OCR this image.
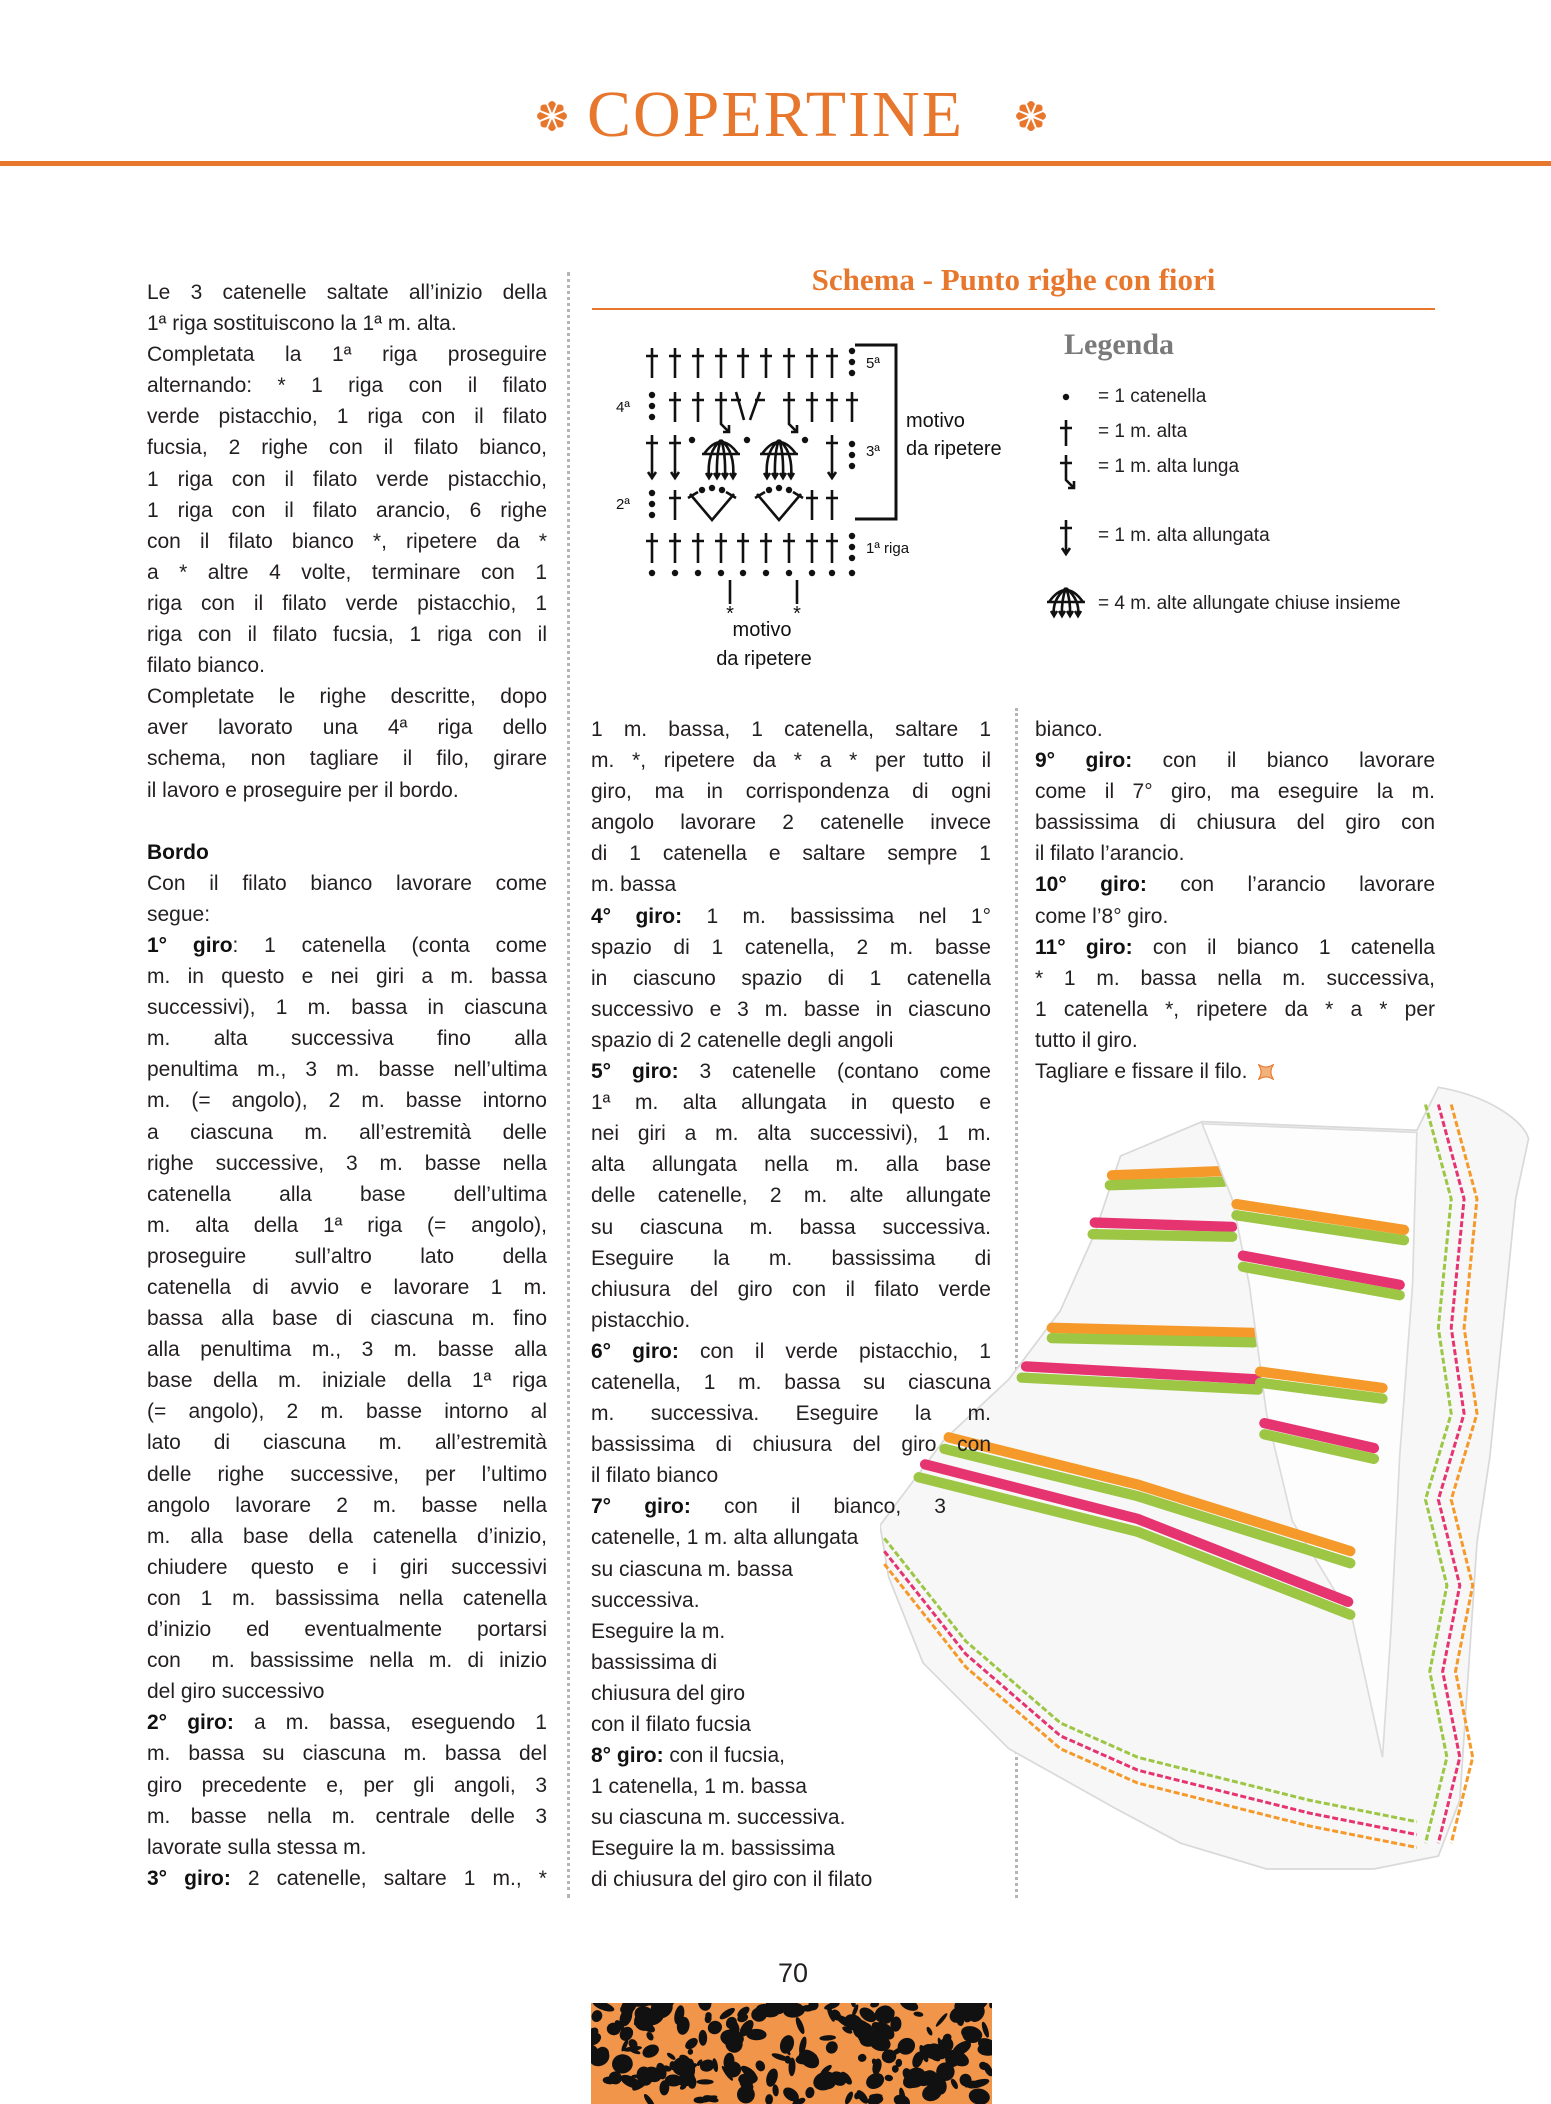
COPERTINE
Schema - Punto righe con fiori
Legenda
= 1 catenella
= 1 m. alta
= 1 m. alta lunga
= 1 m. alta allungata
= 4 m. alte allungate chiuse insieme
*	*
5ª
4ª
3ª
2ª
1ª riga
motivo
da ripetere
motivo
da ripetere
Le 3 catenelle saltate all’inizio della
1ª riga sostituiscono la 1ª m. alta.
Completata la 1ª riga proseguire
alternando: * 1 riga con il filato
verde pistacchio, 1 riga con il filato
fucsia, 2 righe con il filato bianco,
1 riga con il filato verde pistacchio,
1 riga con il filato arancio, 6 righe
con il filato bianco *, ripetere da *
a * altre 4 volte, terminare con 1
riga con il filato verde pistacchio, 1
riga con il filato fucsia, 1 riga con il
filato bianco.
Completate le righe descritte, dopo
aver lavorato una 4ª riga dello
schema, non tagliare il filo, girare
il lavoro e proseguire per il bordo.
Bordo
Con il filato bianco lavorare come
segue:
1° giro: 1 catenella (conta come
m. in questo e nei giri a m. bassa
successivi), 1 m. bassa in ciascuna
m. alta successiva fino alla
penultima m., 3 m. basse nell’ultima
m. (= angolo), 2 m. basse intorno
a ciascuna m. all’estremità delle
righe successive, 3 m. basse nella
catenella alla base dell’ultima
m. alta della 1ª riga (= angolo),
proseguire sull’altro lato della
catenella di avvio e lavorare 1 m.
bassa alla base di ciascuna m. fino
alla penultima m., 3 m. basse alla
base della m. iniziale della 1ª riga
(= angolo), 2 m. basse intorno al
lato di ciascuna m. all’estremità
delle righe successive, per l’ultimo
angolo lavorare 2 m. basse nella
m. alla base della catenella d’inizio,
chiudere questo e i giri successivi
con 1 m. bassissima nella catenella
d’inizio ed eventualmente portarsi
con  m. bassissime nella m. di inizio
del giro successivo
2° giro: a m. bassa, eseguendo 1
m. bassa su ciascuna m. bassa del
giro precedente e, per gli angoli, 3
m. basse nella m. centrale delle 3
lavorate sulla stessa m.
3° giro: 2 catenelle, saltare 1 m., *
1 m. bassa, 1 catenella, saltare 1
m. *, ripetere da * a * per tutto il
giro, ma in corrispondenza di ogni
angolo lavorare 2 catenelle invece
di 1 catenella e saltare sempre 1
m. bassa
4° giro: 1 m. bassissima nel 1°
spazio di 1 catenella, 2 m. basse
in ciascuno spazio di 1 catenella
successivo e 3 m. basse in ciascuno
spazio di 2 catenelle degli angoli
5° giro: 3 catenelle (contano come
1ª m. alta allungata in questo e
nei giri a m. alta successivi), 1 m.
alta allungata nella m. alla base
delle catenelle, 2 m. alte allungate
su ciascuna m. bassa successiva.
Eseguire la m. bassissima di
chiusura del giro con il filato verde
pistacchio.
6° giro: con il verde pistacchio, 1
catenella, 1 m. bassa su ciascuna
m. successiva. Eseguire la m.
bassissima di chiusura del giro con
il filato bianco
7° giro: con il bianco, 3
catenelle, 1 m. alta allungata
su ciascuna m. bassa
successiva.
Eseguire la m.
bassissima di
chiusura del giro
con il filato fucsia
8° giro: con il fucsia,
1 catenella, 1 m. bassa
su ciascuna m. successiva.
Eseguire la m. bassissima
di chiusura del giro con il filato
bianco.
9° giro: con il bianco lavorare
come il 7° giro, ma eseguire la m.
bassissima di chiusura del giro con
il filato l’arancio.
10° giro: con l’arancio lavorare
come l’8° giro.
11° giro: con il bianco 1 catenella
* 1 m. bassa nella m. successiva,
1 catenella *, ripetere da * a * per
tutto il giro.
Tagliare e fissare il filo.
70
